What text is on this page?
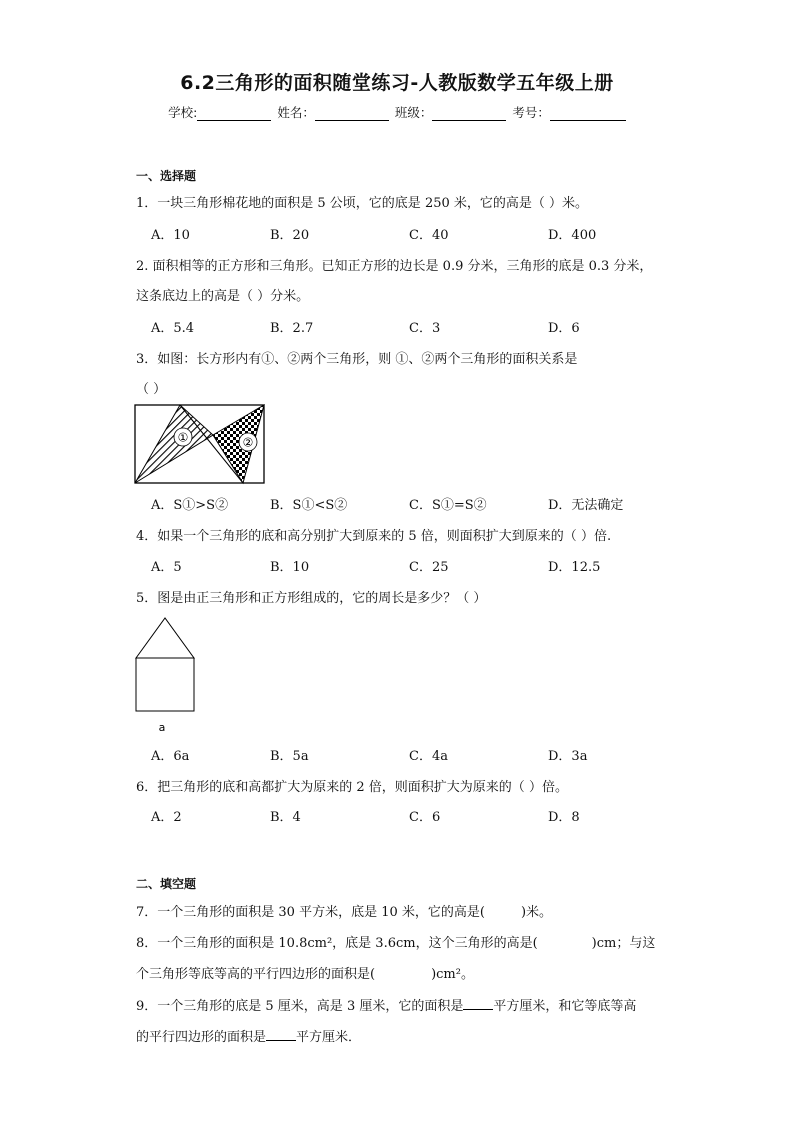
6.2三角形的面积随堂练习-人教版数学五年级上册
学校:	姓名：	班级：	考号：
一、选择题
1．一块三角形棉花地的面积是 5 公顷，它的底是 250 米，它的高是（ ）米。
A．10	B．20	C．40	D．400
2. 面积相等的正方形和三角形。已知正方形的边长是 0.9 分米，三角形的底是 0.3 分米，
这条底边上的高是（ ）分米。
A．5.4	B．2.7	C．3	D．6
3．如图：长方形内有①、②两个三角形，则 ①、②两个三角形的面积关系是
（ ）
①	②
A．S①>S②	B．S①<S②	C．S①=S②	D．无法确定
4．如果一个三角形的底和高分别扩大到原来的 5 倍，则面积扩大到原来的（ ）倍.
A．5	B．10	C．25	D．12.5
5．图是由正三角形和正方形组成的，它的周长是多少？（ ）
a
A．6a	B．5a	C．4a	D．3a
6．把三角形的底和高都扩大为原来的 2 倍，则面积扩大为原来的（ ）倍。
A．2	B．4	C．6	D．8
二、填空题
7．一个三角形的面积是 30 平方米，底是 10 米，它的高是(	)米。
8．一个三角形的面积是 10.8cm²，底是 3.6cm，这个三角形的高是(	)cm；与这
个三角形等底等高的平行四边形的面积是(	)cm²。
9．一个三角形的底是 5 厘米，高是 3 厘米，它的面积是 平方厘米，和它等底等高
的平行四边形的面积是 平方厘米．
